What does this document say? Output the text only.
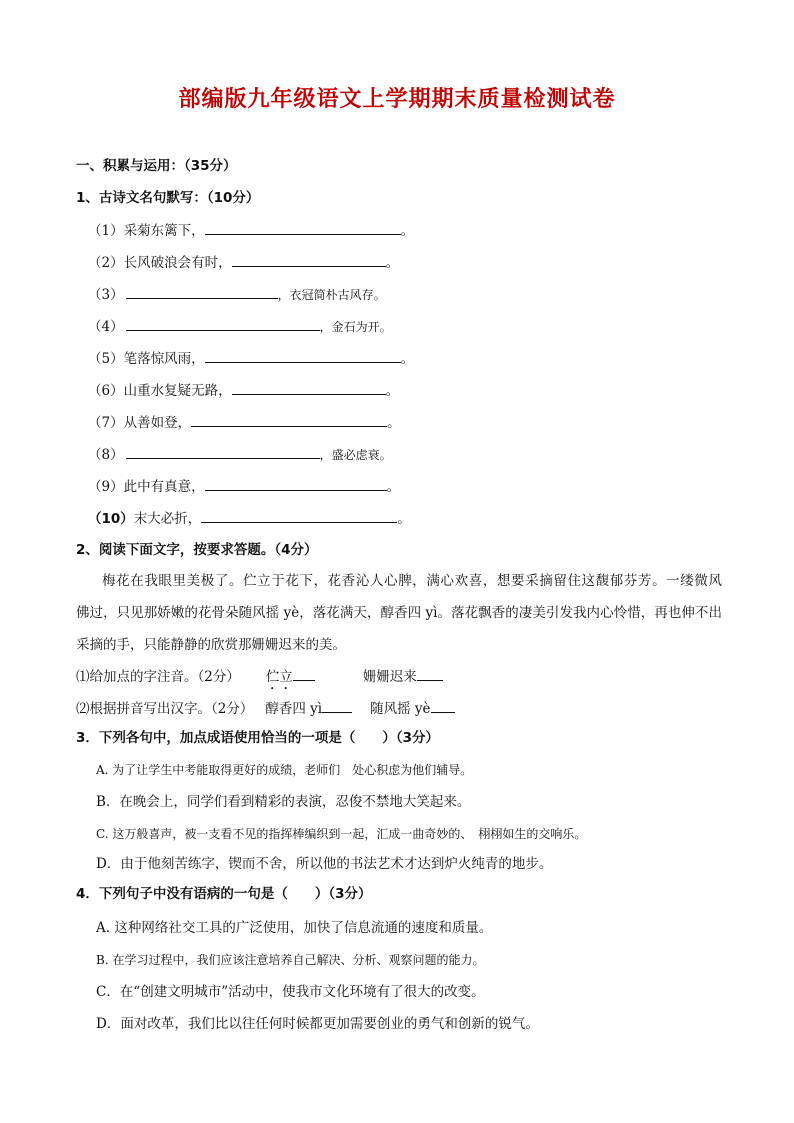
部编版九年级语文上学期期末质量检测试卷
一、积累与运用：（35分）
1、古诗文名句默写：（10分）
（1）采菊东篱下，	。
（2）长风破浪会有时，	。
（3）	，衣冠简朴古风存。
（4）	，金石为开。
（5）笔落惊风雨，	。
（6）山重水复疑无路，	。
（7）从善如登，	。
（8）	，盛必虑衰。
（9）此中有真意，	。
（10）末大必折，	。
2、阅读下面文字，按要求答题。（4分）
梅花在我眼里美极了。伫立于花下，花香沁人心脾，满心欢喜，想要采摘留住这馥郁芬芳。一缕微风　佛过，只见那娇嫩的花骨朵随风摇 yè，落花满天，醇香四 yì。落花飘香的凄美引发我内心怜惜，再也伸不出采摘的手，只能静静的欣赏那姗姗迟来的美。
⑴给加点的字注音。（2分） 伫立	姗姗迟来
⑵根据拼音写出汉字。（2分） 醇香四 yì	随风摇 yè
3．下列各句中，加点成语使用恰当的一项是（　　）（3分）
A. 为了让学生中考能取得更好的成绩，老师们　处心积虑为他们辅导。
B．在晚会上，同学们看到精彩的表演，忍俊不禁地大笑起来。
C. 这万般喜声，被一支看不见的指挥棒编织到一起，汇成一曲奇妙的、　栩栩如生的交响乐。
D．由于他刻苦练字，锲而不舍，所以他的书法艺术才达到炉火纯青的地步。
4．下列句子中没有语病的一句是（　　）（3分）
A. 这种网络社交工具的广泛使用，加快了信息流通的速度和质量。
B. 在学习过程中，我们应该注意培养自己解决、分析、观察问题的能力。
C．在“创建文明城市”活动中，使我市文化环境有了很大的改变。
D．面对改革，我们比以往任何时候都更加需要创业的勇气和创新的锐气。
